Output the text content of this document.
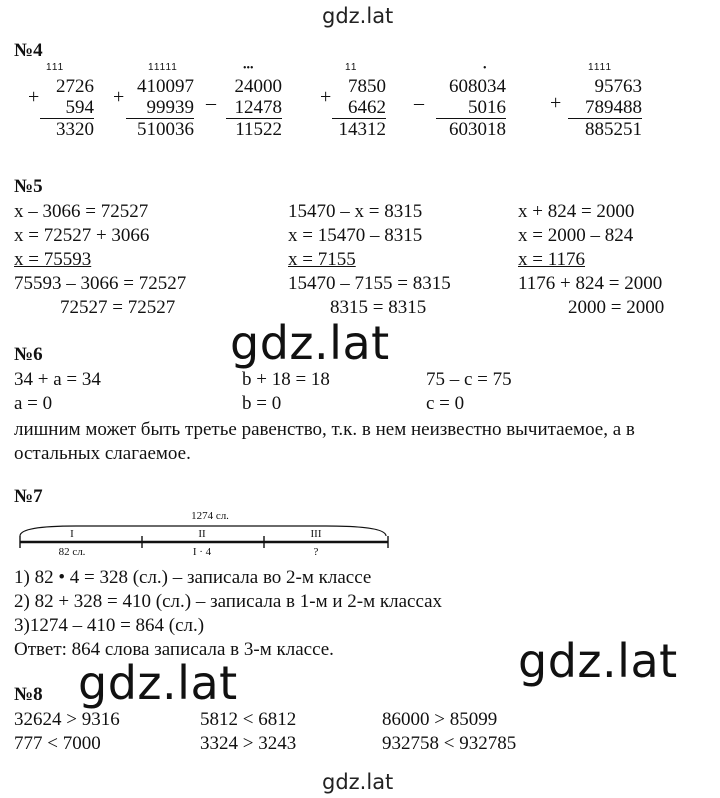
gdz.lat
№4
111
+ 2726
594
3320
11111
+ 410097
99939
510036
•••
–
24000
12478
11522
11
+ 7850
6462
14312
•
–
608034
5016
603018
1111
+
95763
789488
885251
№5
x – 3066 = 72527
x = 72527 + 3066
x = 75593
75593 – 3066 = 72527
72527 = 72527
15470 – x = 8315
x = 15470 – 8315
x = 7155
15470 – 7155 = 8315
8315 = 8315
x + 824 = 2000
x = 2000 – 824
x = 1176
1176 + 824 = 2000
2000 = 2000
gdz.lat
№6
34 + a = 34	b + 18 = 18	75 – c = 75
a = 0	b = 0	c = 0
лишним может быть третье равенство, т.к. в нем неизвестно вычитаемое, а в
остальных слагаемое.
№7
1274 сл.
I	II	III
82 сл.	I · 4	?
1) 82 • 4 = 328 (сл.) – записала во 2-м классе
2) 82 + 328 = 410 (сл.) – записала в 1-м и 2-м классах
3)1274 – 410 = 864 (сл.)
Ответ: 864 слова записала в 3-м классе.	gdz.lat
gdz.lat
№8
32624 > 9316	5812 < 6812	86000 > 85099
777 < 7000	3324 > 3243	932758 < 932785
gdz.lat
